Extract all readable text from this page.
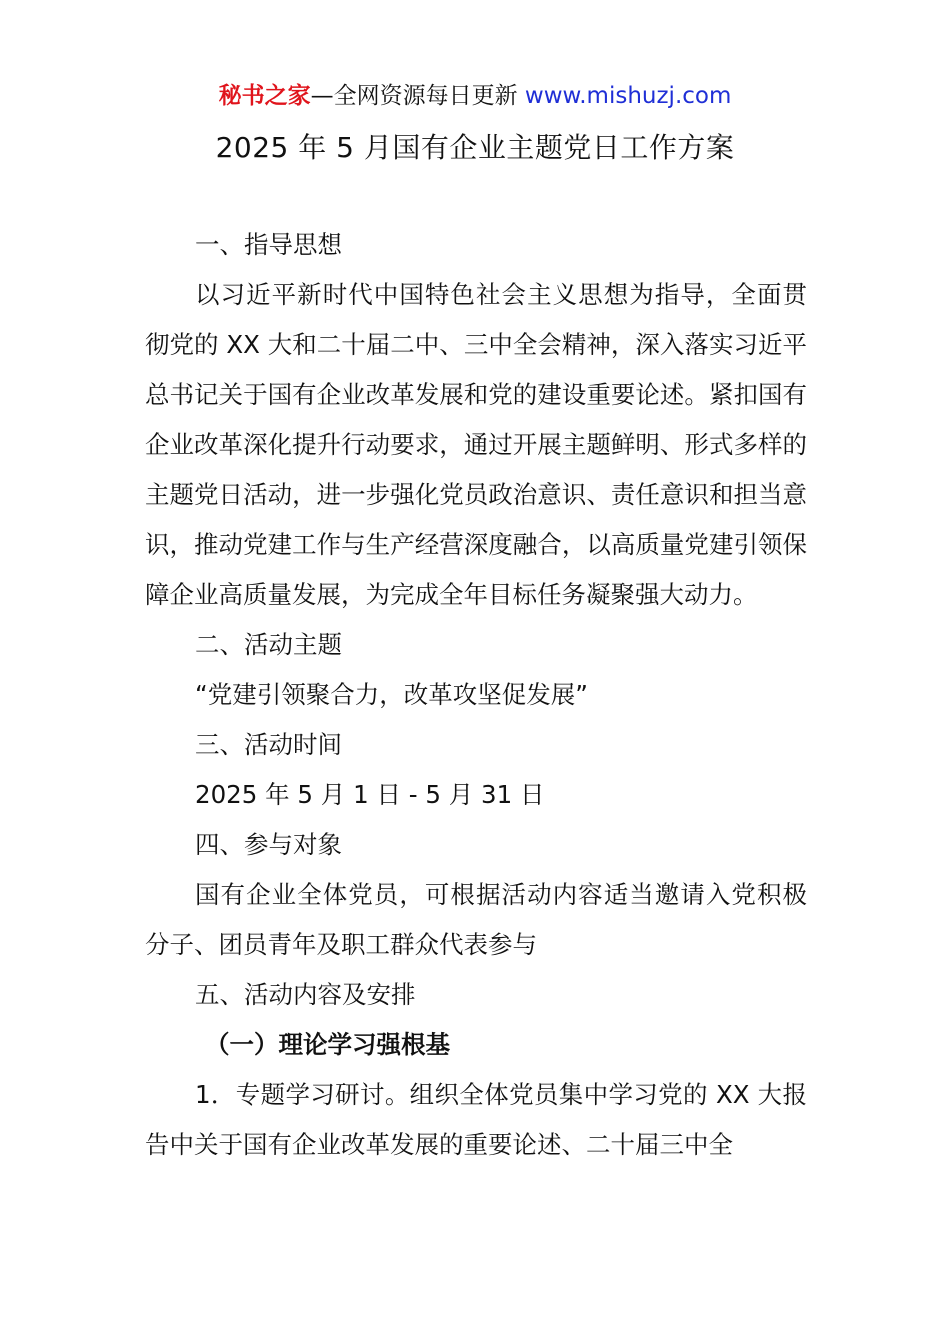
秘书之家—全网资源每日更新 www.mishuzj.com
2025 年 5 月国有企业主题党日工作方案

一、指导思想

以习近平新时代中国特色社会主义思想为指导，全面贯彻党的 XX 大和二十届二中、三中全会精神，深入落实习近平总书记关于国有企业改革发展和党的建设重要论述。紧扣国有企业改革深化提升行动要求，通过开展主题鲜明、形式多样的主题党日活动，进一步强化党员政治意识、责任意识和担当意识，推动党建工作与生产经营深度融合，以高质量党建引领保障企业高质量发展，为完成全年目标任务凝聚强大动力。

二、活动主题

“党建引领聚合力，改革攻坚促发展”

三、活动时间

2025 年 5 月 1 日 - 5 月 31 日

四、参与对象

国有企业全体党员，可根据活动内容适当邀请入党积极分子、团员青年及职工群众代表参与

五、活动内容及安排

（一）理论学习强根基

1．专题学习研讨。组织全体党员集中学习党的 XX 大报告中关于国有企业改革发展的重要论述、二十届三中全
